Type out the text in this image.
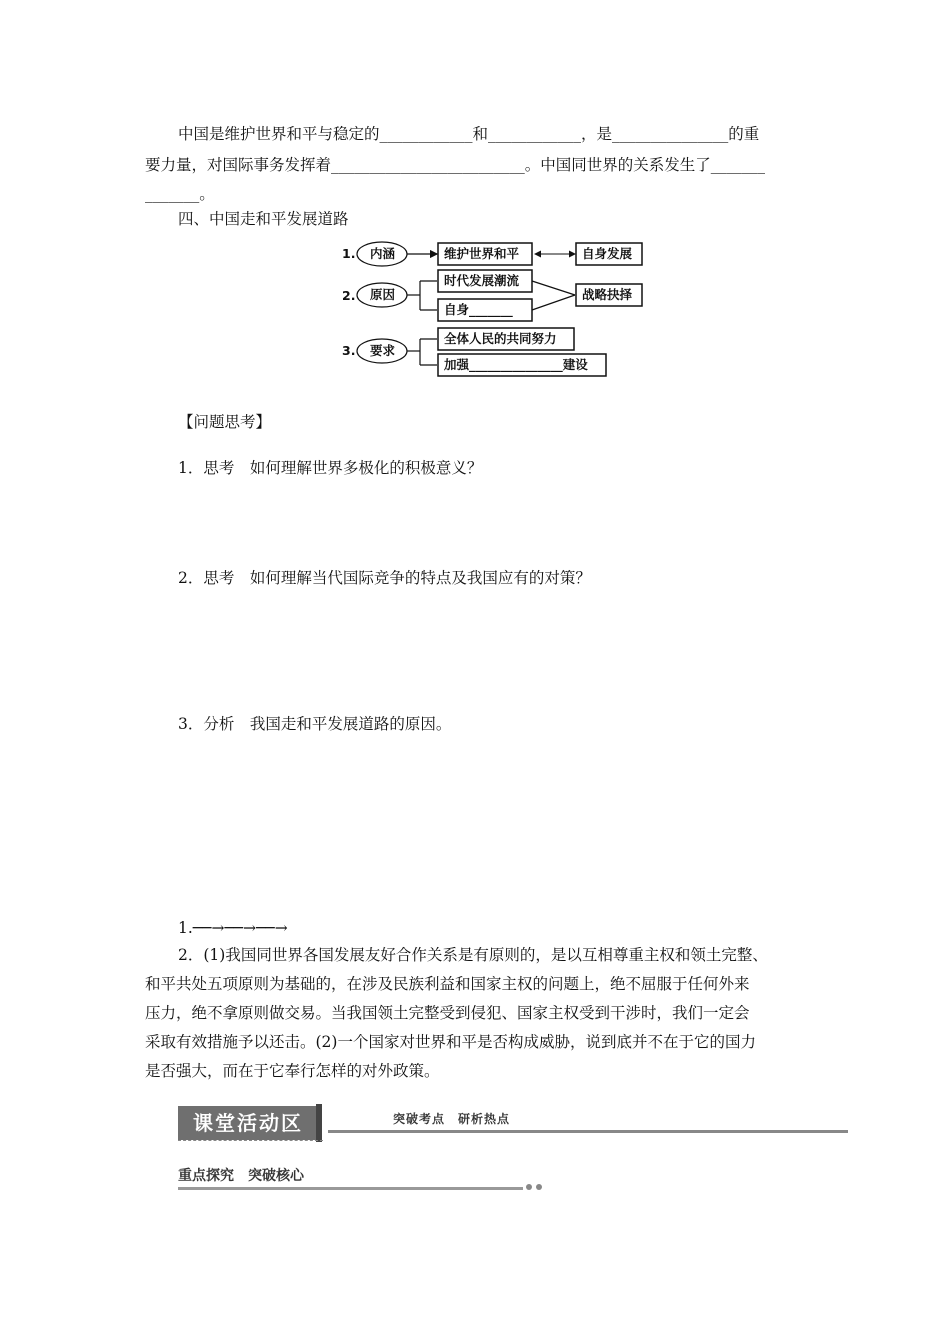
中国是维护世界和平与稳定的____________和____________，是_______________的重
要力量，对国际事务发挥着_________________________。中国同世界的关系发生了_______
_______。
四、中国走和平发展道路
1.
2.
3.
内涵
原因
要求
维护世界和平	自身发展
时代发展潮流
自身_______
战略抉择
全体人民的共同努力
加强_______________建设
【问题思考】
1．思考　如何理解世界多极化的积极意义？
2．思考　如何理解当代国际竞争的特点及我国应有的对策？
3．分析　我国走和平发展道路的原因。
1.──→──→──→
2．(1)我国同世界各国发展友好合作关系是有原则的，是以互相尊重主权和领土完整、
和平共处五项原则为基础的，在涉及民族利益和国家主权的问题上，绝不屈服于任何外来
压力，绝不拿原则做交易。当我国领土完整受到侵犯、国家主权受到干涉时，我们一定会
采取有效措施予以还击。(2)一个国家对世界和平是否构成威胁，说到底并不在于它的国力
是否强大，而在于它奉行怎样的对外政策。
课堂活动区	突破考点　研析热点
重点探究　突破核心
